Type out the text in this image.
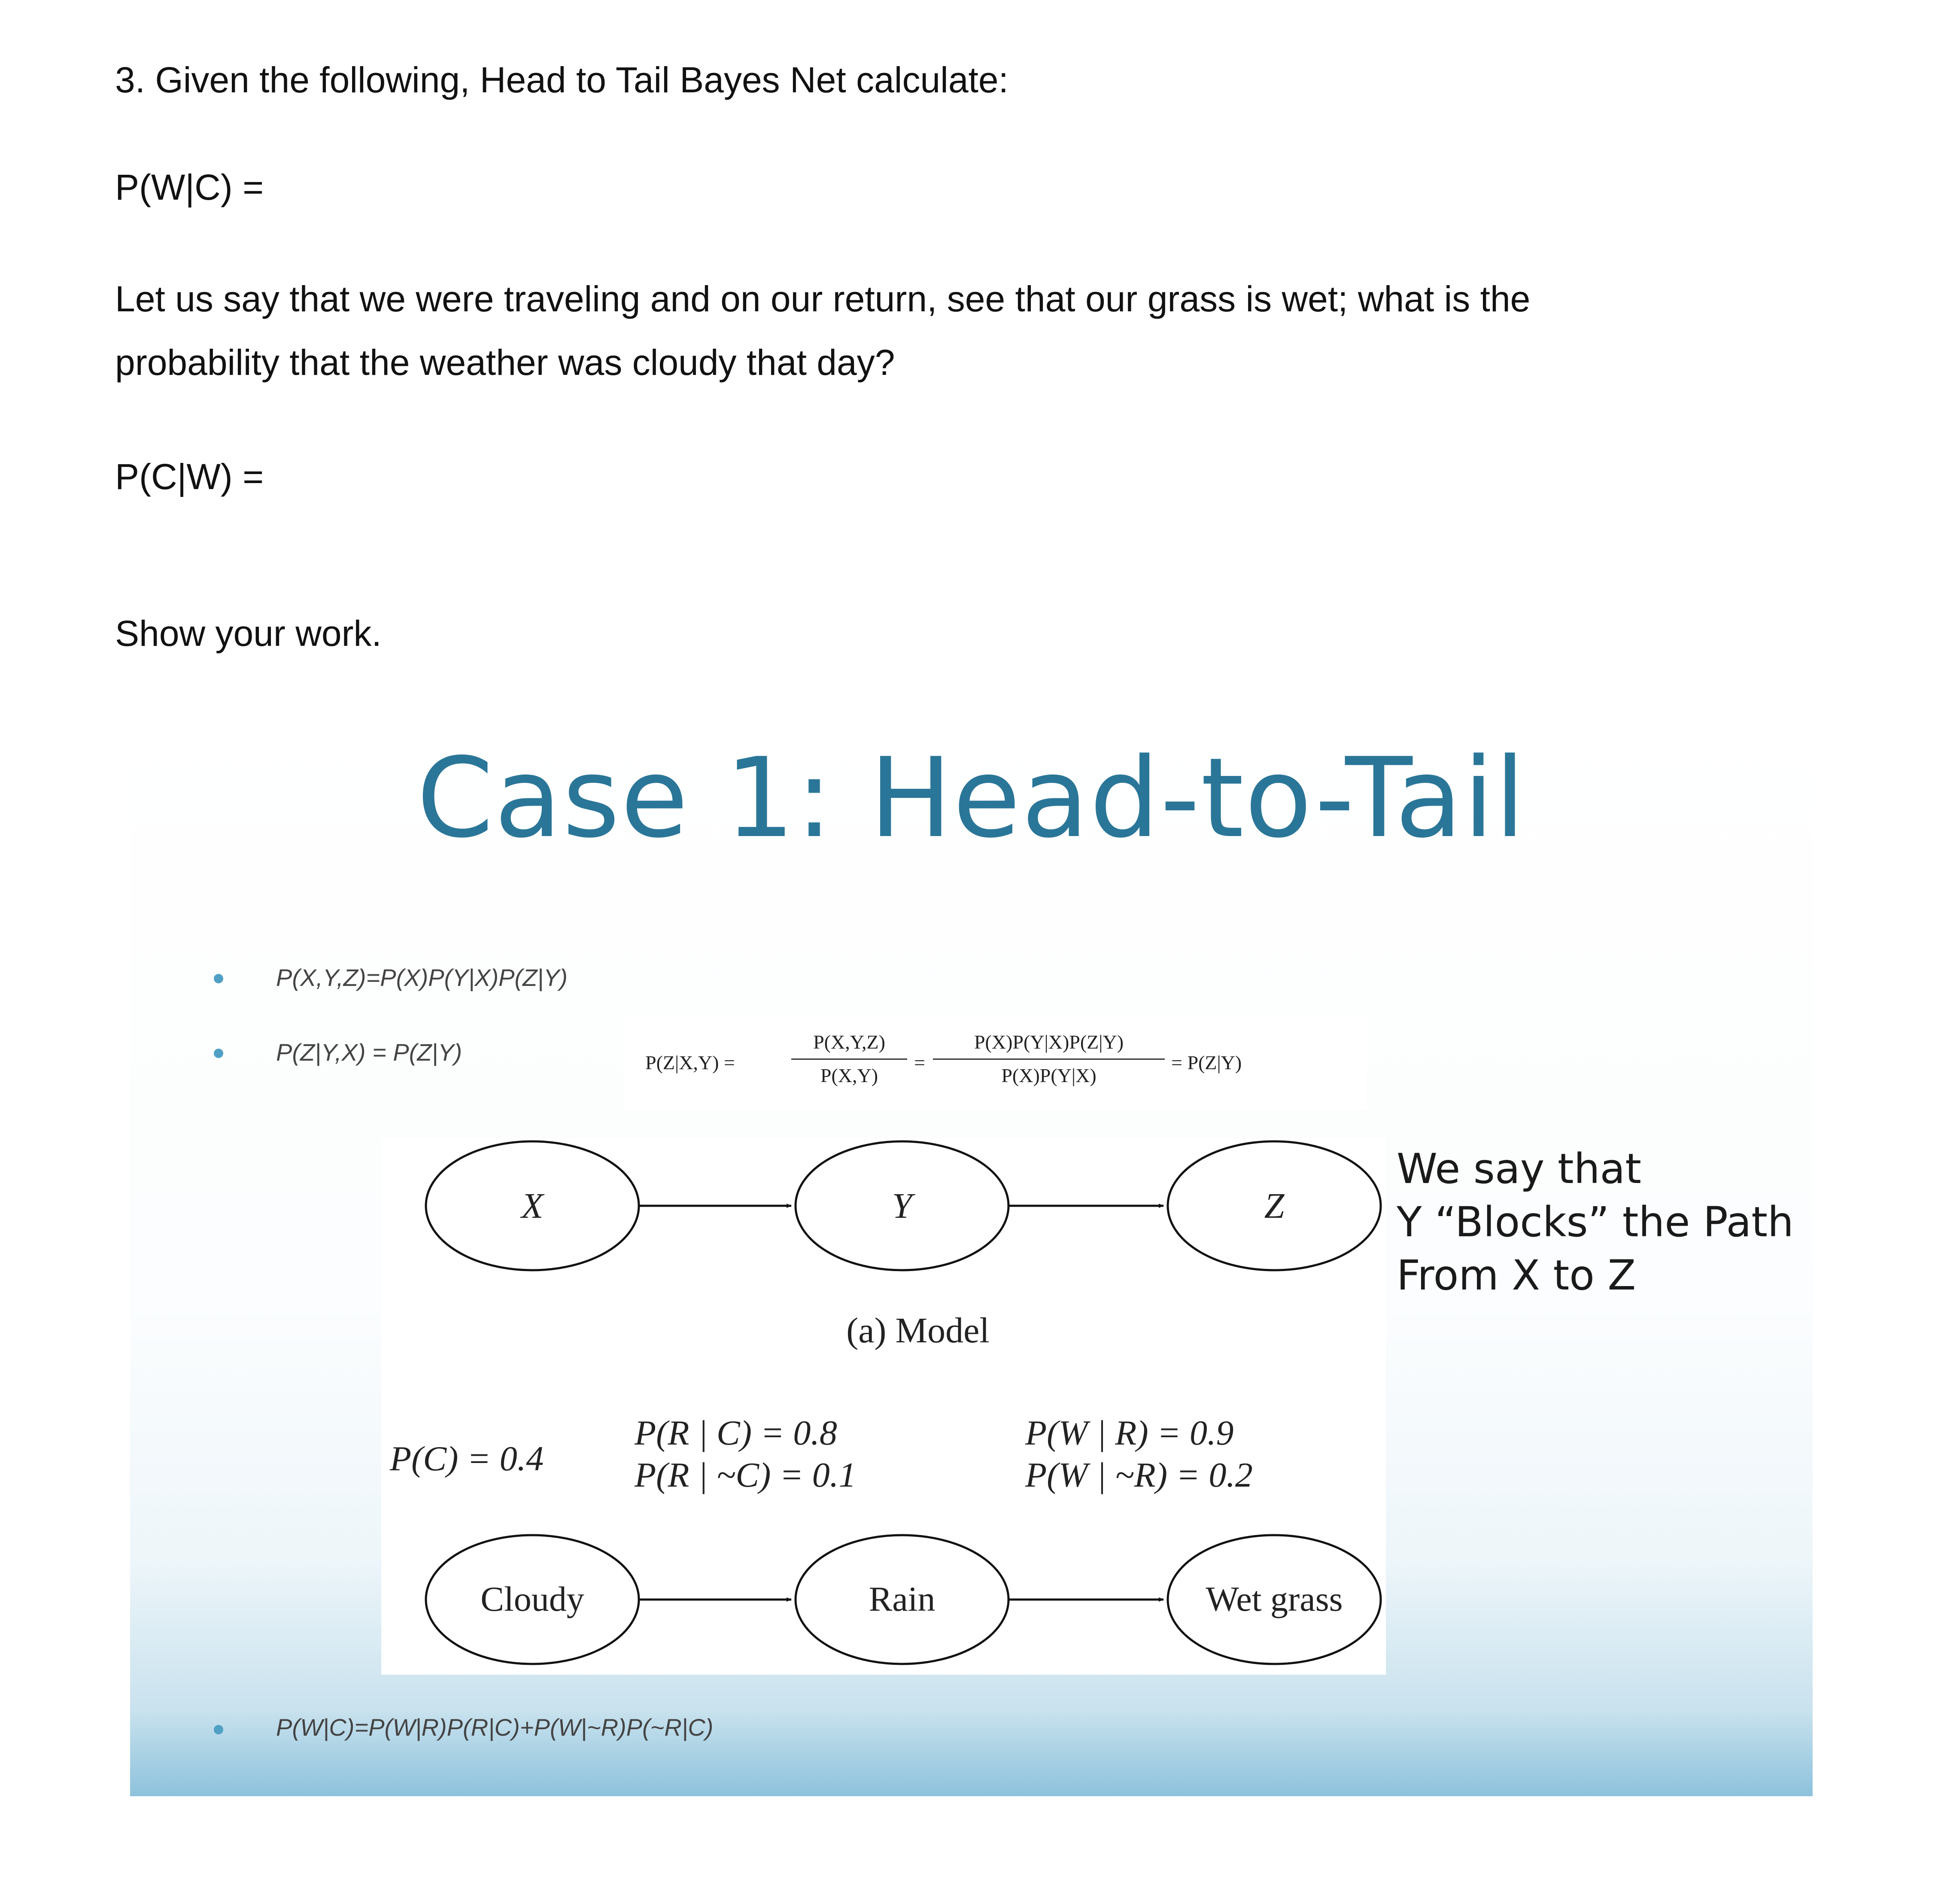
3. Given the following, Head to Tail Bayes Net calculate:
P(W|C) =
Let us say that we were traveling and on our return, see that our grass is wet; what is the
probability that the weather was cloudy that day?
P(C|W) =
Show your work.
Case 1: Head-to-Tail
P(X,Y,Z)=P(X)P(Y|X)P(Z|Y)
P(Z|Y,X) = P(Z|Y)
P(W|C)=P(W|R)P(R|C)+P(W|~R)P(~R|C)
P(Z|X,Y) =
P(X,Y,Z)
P(X,Y)
=
P(X)P(Y|X)P(Z|Y)
P(X)P(Y|X)
= P(Z|Y)
X	Y	Z
(a) Model
P(C) = 0.4
P(R | C) = 0.8
P(R | ~C) = 0.1
P(W | R) = 0.9
P(W | ~R) = 0.2
Cloudy	Rain	Wet grass
We say that
Y “Blocks” the Path
From X to Z
